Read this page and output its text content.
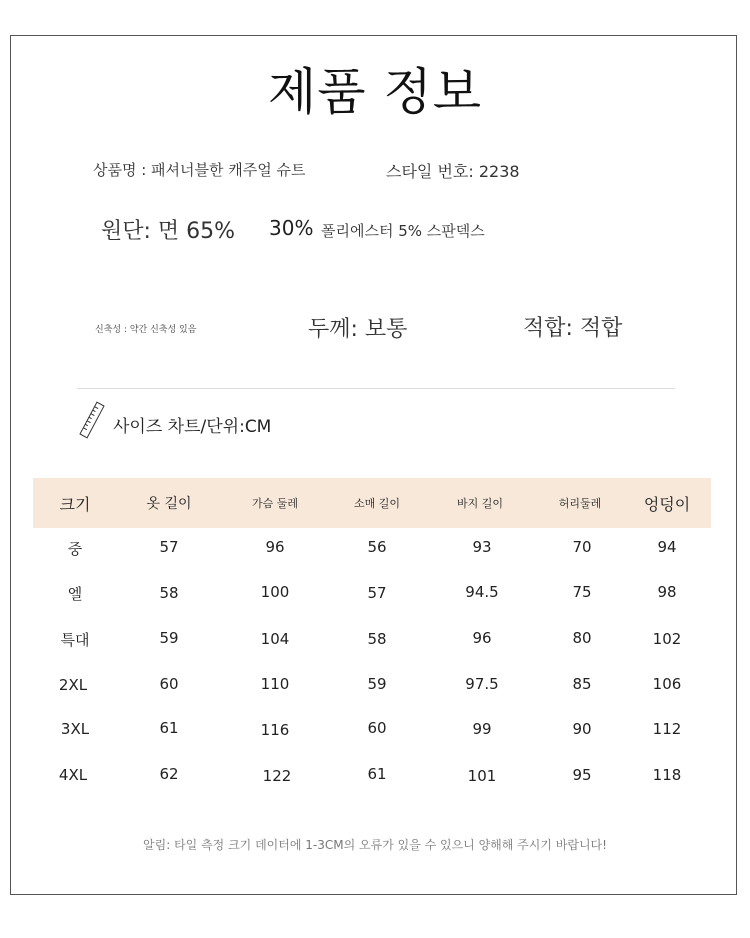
제품 정보
상품명 : 패셔너블한 캐주얼 슈트	스타일 번호: 2238
원단: 면 65% 30% 폴리에스터 5% 스판덱스
신축성 : 약간 신축성 있음	두께: 보통	적합: 적합
사이즈 차트/단위:CM
크기	옷 길이	가슴 둘레	소매 길이	바지 길이	허리둘레	엉덩이
중	57	96	56	93	70	94
엘	58	100	57	94.5	75	98
특대	59	104	58	96	80	102
2XL	60	110	59	97.5	85	106
3XL	61	116	60	99	90	112
4XL	62	122	61	101	95	118
알림: 타일 측정 크기 데이터에 1-3CM의 오류가 있을 수 있으니 양해해 주시기 바랍니다!
